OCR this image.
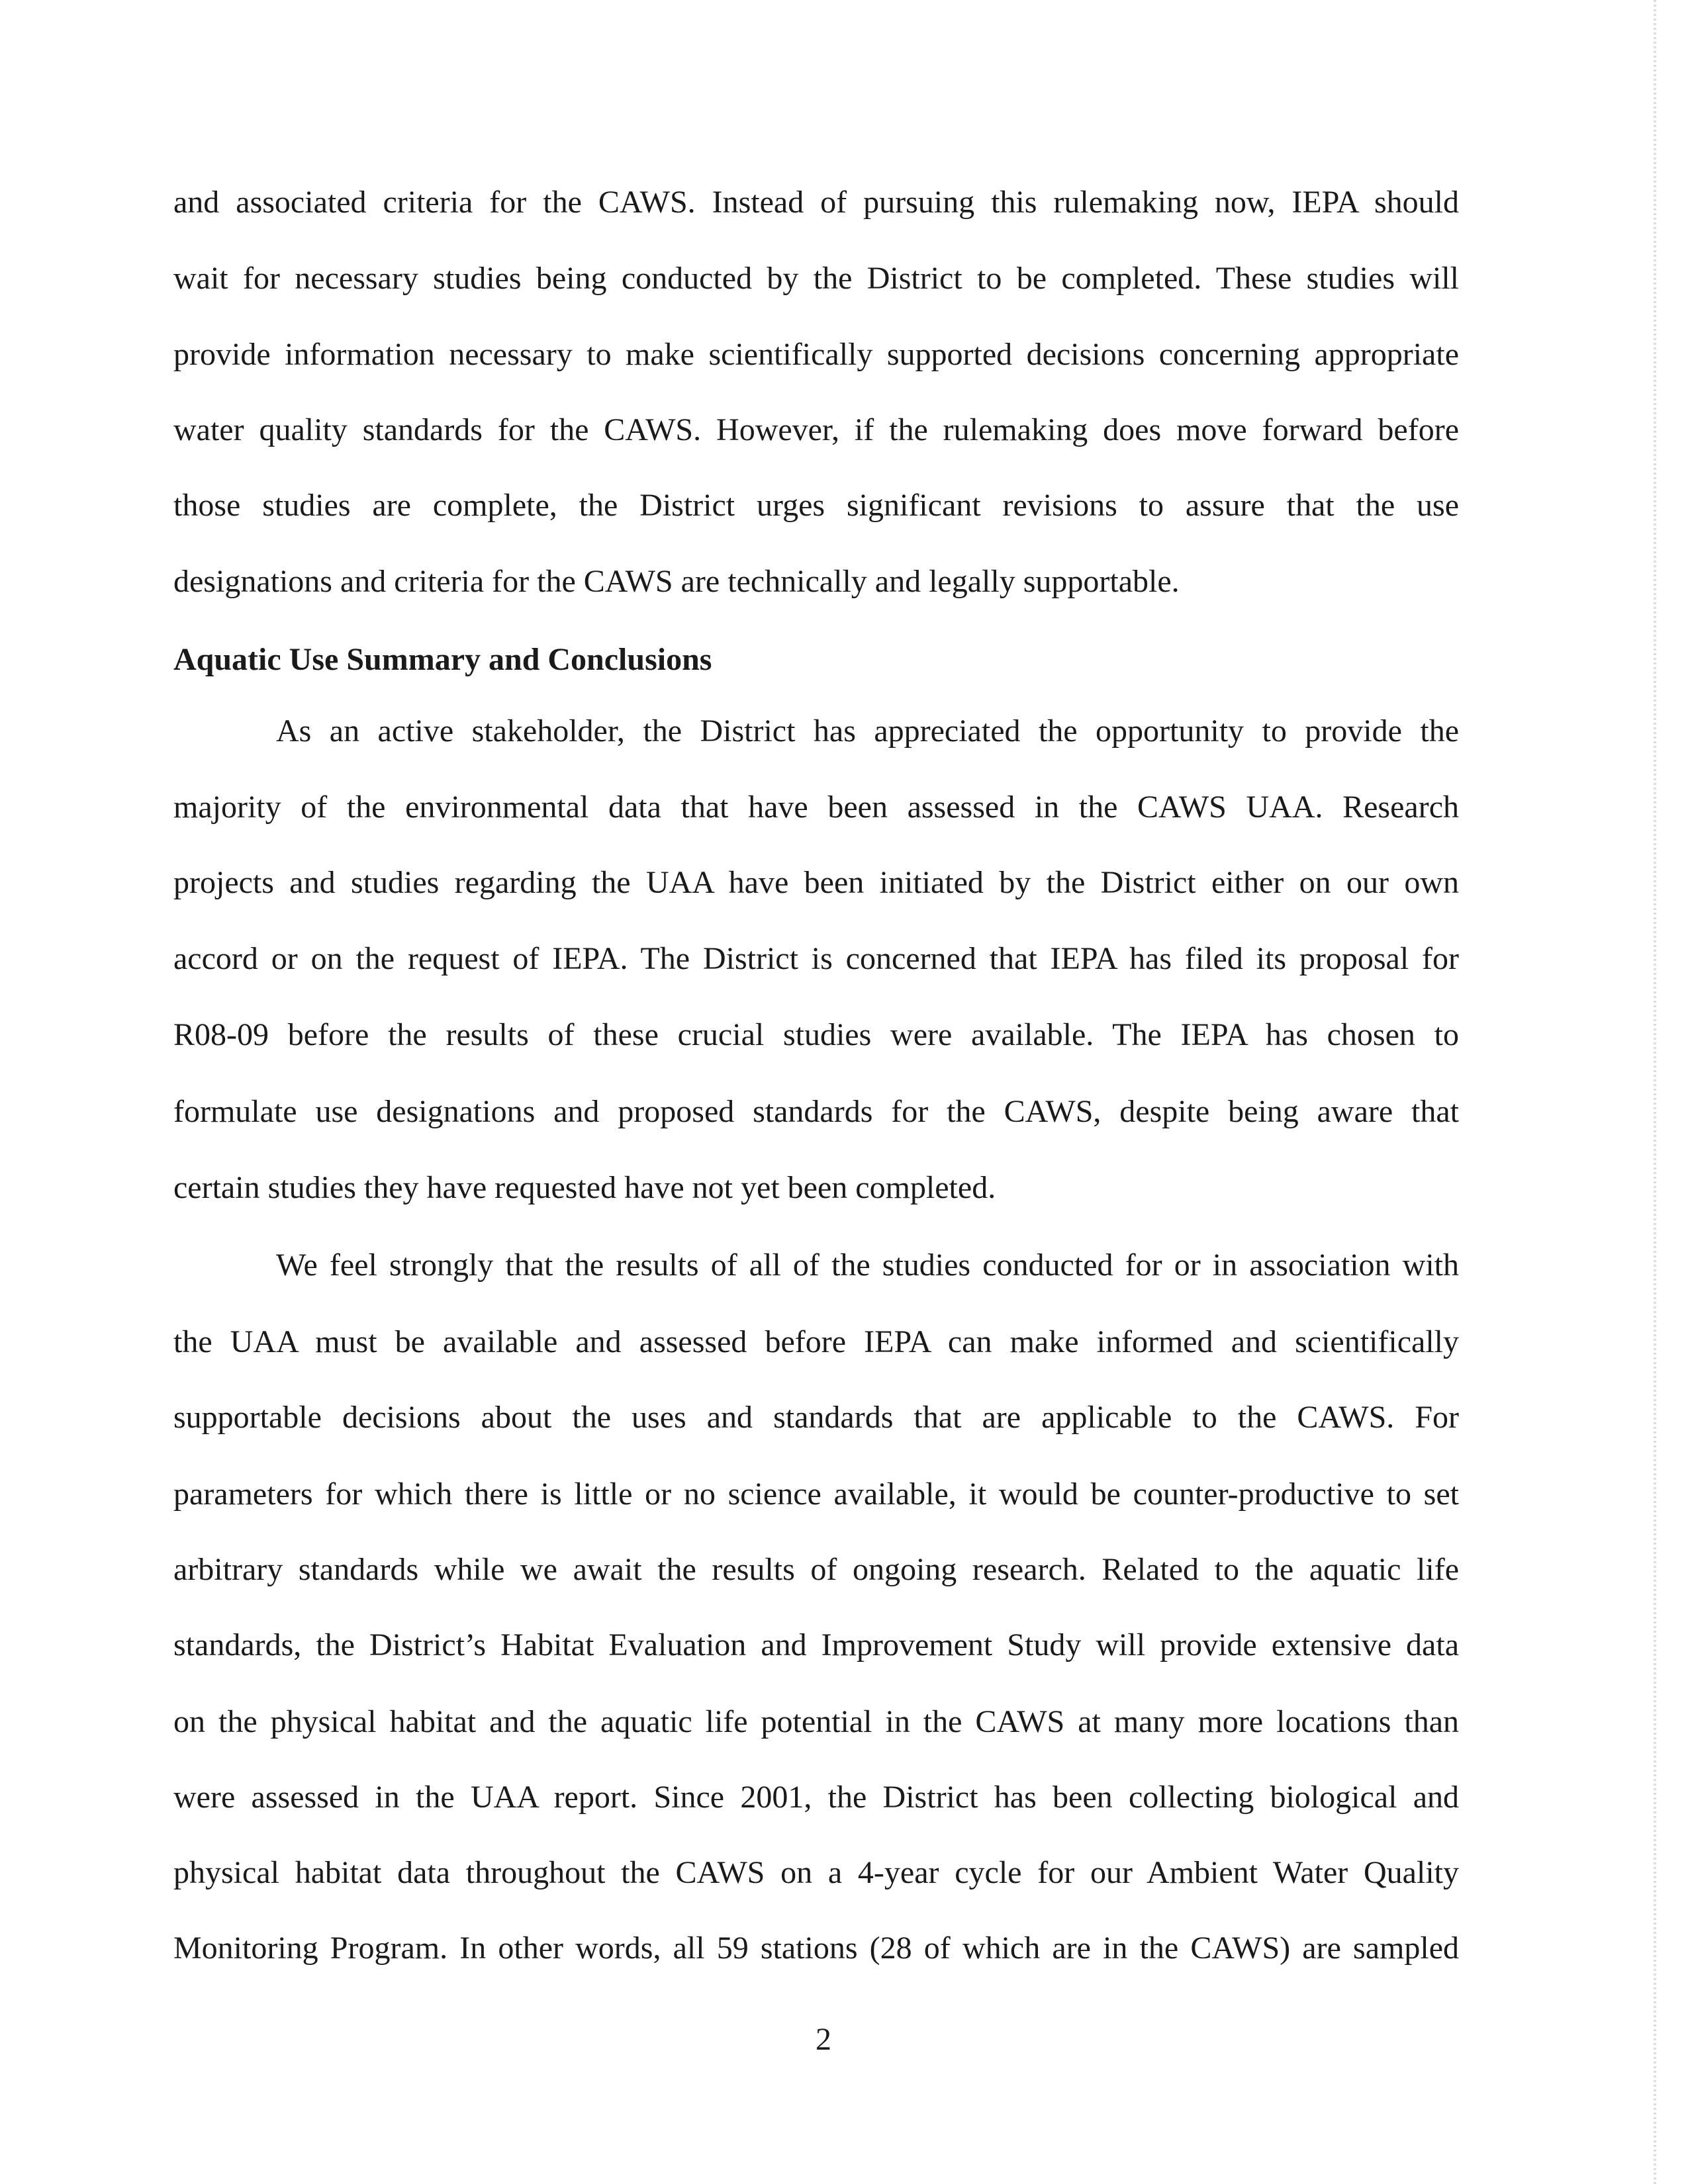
and associated criteria for the CAWS. Instead of pursuing this rulemaking now, IEPA should
wait for necessary studies being conducted by the District to be completed. These studies will
provide information necessary to make scientifically supported decisions concerning appropriate
water quality standards for the CAWS. However, if the rulemaking does move forward before
those studies are complete, the District urges significant revisions to assure that the use
designations and criteria for the CAWS are technically and legally supportable.
Aquatic Use Summary and Conclusions
As an active stakeholder, the District has appreciated the opportunity to provide the
majority of the environmental data that have been assessed in the CAWS UAA. Research
projects and studies regarding the UAA have been initiated by the District either on our own
accord or on the request of IEPA. The District is concerned that IEPA has filed its proposal for
R08-09 before the results of these crucial studies were available. The IEPA has chosen to
formulate use designations and proposed standards for the CAWS, despite being aware that
certain studies they have requested have not yet been completed.
We feel strongly that the results of all of the studies conducted for or in association with
the UAA must be available and assessed before IEPA can make informed and scientifically
supportable decisions about the uses and standards that are applicable to the CAWS. For
parameters for which there is little or no science available, it would be counter-productive to set
arbitrary standards while we await the results of ongoing research. Related to the aquatic life
standards, the District’s Habitat Evaluation and Improvement Study will provide extensive data
on the physical habitat and the aquatic life potential in the CAWS at many more locations than
were assessed in the UAA report. Since 2001, the District has been collecting biological and
physical habitat data throughout the CAWS on a 4-year cycle for our Ambient Water Quality
Monitoring Program. In other words, all 59 stations (28 of which are in the CAWS) are sampled
2
